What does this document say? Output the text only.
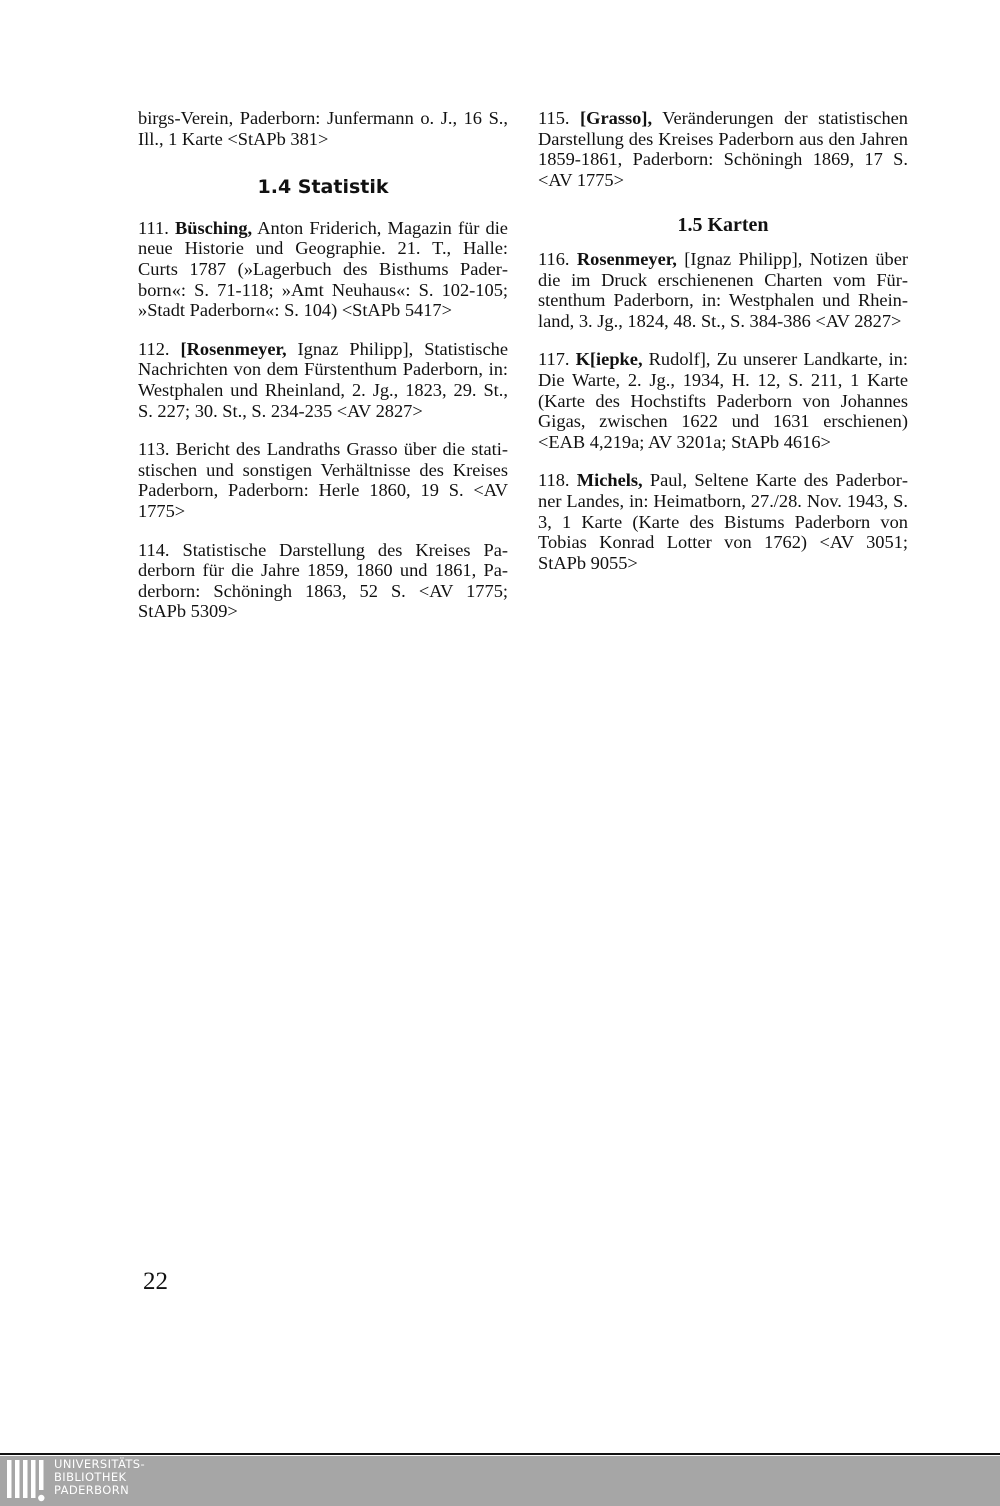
birgs-Verein, Paderborn: Junfermann o. J., 16 S., Ill., 1 Karte <StAPb 381>

1.4 Statistik

111. Büsching, Anton Friderich, Magazin für die neue Historie und Geographie. 21. T., Halle: Curts 1787 (»Lagerbuch des Bisthums Paderborn«: S. 71-118; »Amt Neuhaus«: S. 102-105; »Stadt Paderborn«: S. 104) <StAPb 5417>

112. [Rosenmeyer, Ignaz Philipp], Statistische Nachrichten von dem Fürstenthum Paderborn, in: Westphalen und Rheinland, 2. Jg., 1823, 29. St., S. 227; 30. St., S. 234-235 <AV 2827>

113. Bericht des Landraths Grasso über die statistischen und sonstigen Verhältnisse des Kreises Paderborn, Paderborn: Herle 1860, 19 S. <AV 1775>

114. Statistische Darstellung des Kreises Paderborn für die Jahre 1859, 1860 und 1861, Paderborn: Schöningh 1863, 52 S. <AV 1775; StAPb 5309>

115. [Grasso], Veränderungen der statistischen Darstellung des Kreises Paderborn aus den Jahren 1859-1861, Paderborn: Schöningh 1869, 17 S. <AV 1775>

1.5 Karten

116. Rosenmeyer, [Ignaz Philipp], Notizen über die im Druck erschienenen Charten vom Fürstenthum Paderborn, in: Westphalen und Rheinland, 3. Jg., 1824, 48. St., S. 384-386 <AV 2827>

117. K[iepke, Rudolf], Zu unserer Landkarte, in: Die Warte, 2. Jg., 1934, H. 12, S. 211, 1 Karte (Karte des Hochstifts Paderborn von Johannes Gigas, zwischen 1622 und 1631 erschienen) <EAB 4,219a; AV 3201a; StAPb 4616>

118. Michels, Paul, Seltene Karte des Paderborner Landes, in: Heimatborn, 27./28. Nov. 1943, S. 3, 1 Karte (Karte des Bistums Paderborn von Tobias Konrad Lotter von 1762) <AV 3051; StAPb 9055>

22
UNIVERSITÄTS-
BIBLIOTHEK
PADERBORN
